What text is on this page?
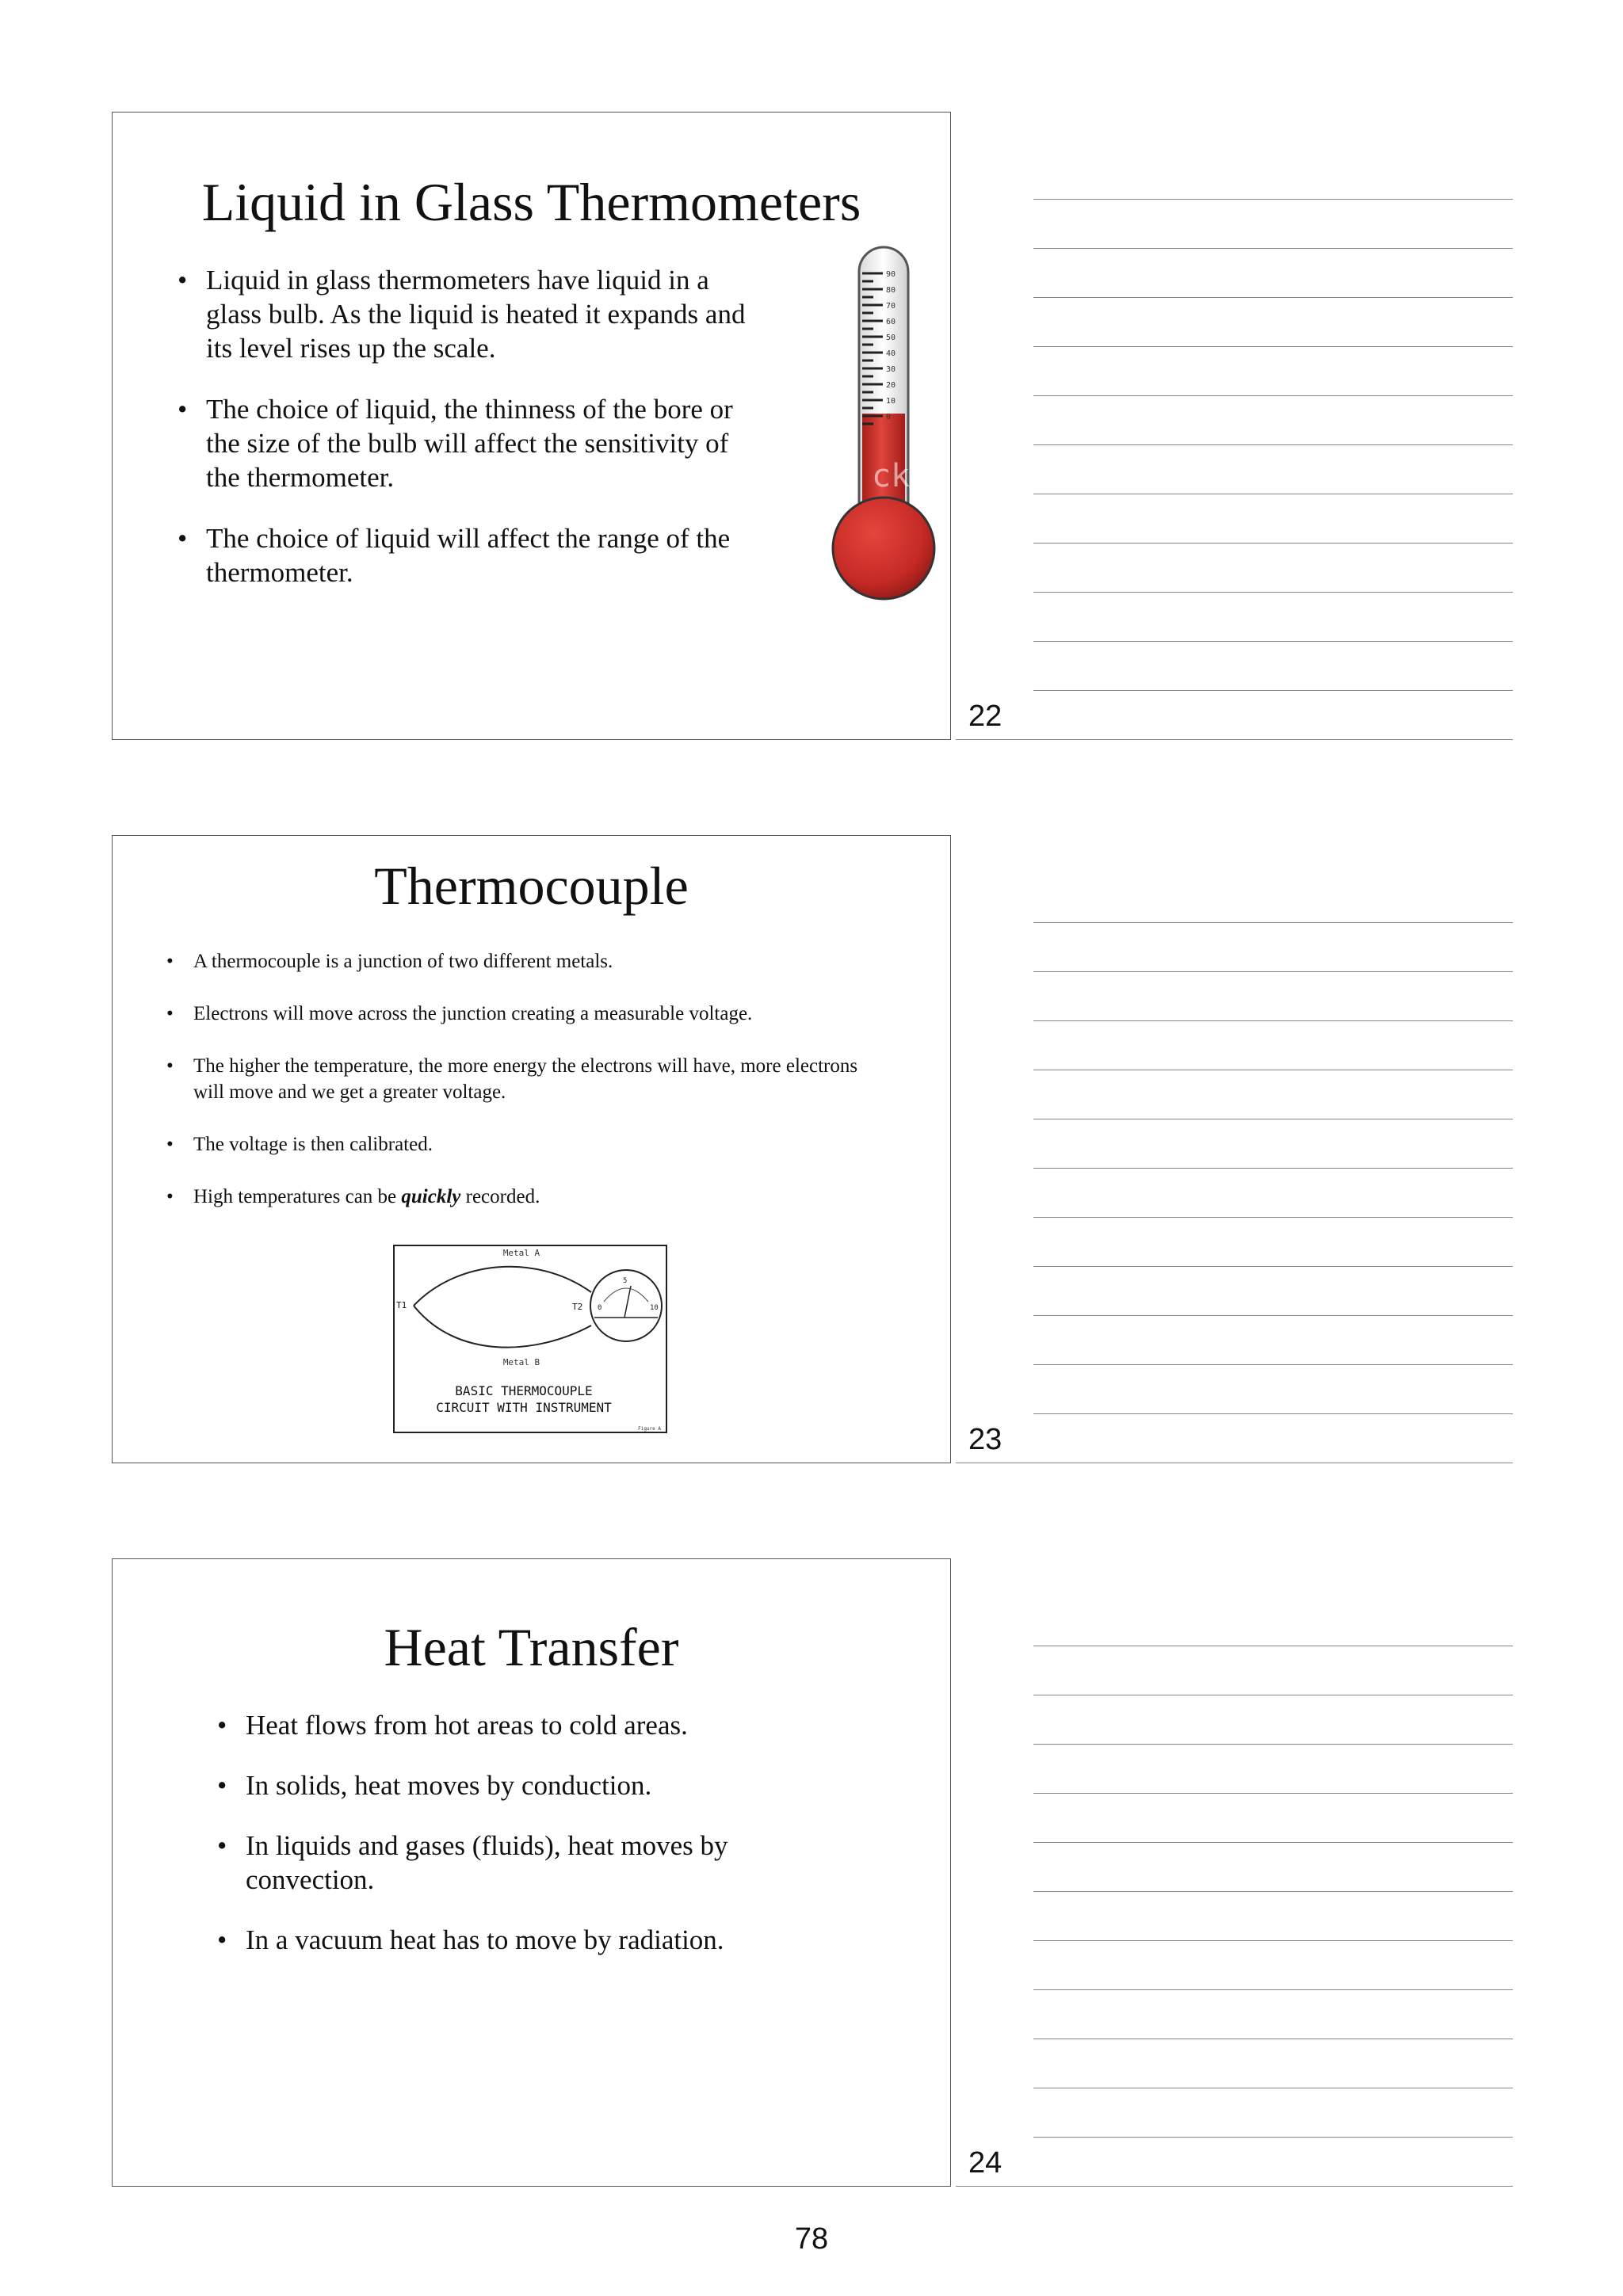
Liquid in Glass Thermometers
• Liquid in glass thermometers have liquid in a glass bulb. As the liquid is heated it expands and its level rises up the scale.
• The choice of liquid, the thinness of the bore or the size of the bulb will affect the sensitivity of the thermometer.
• The choice of liquid will affect the range of the thermometer.
90
80
70
60
50
40
30
20
10
0
ckp
22
Thermocouple
• A thermocouple is a junction of two different metals.
• Electrons will move across the junction creating a measurable voltage.
• The higher the temperature, the more energy the electrons will have, more electrons will move and we get a greater voltage.
• The voltage is then calibrated.
• High temperatures can be quickly recorded.
Metal A
Metal B
T1	T2 0
5
10
BASIC THERMOCOUPLE
CIRCUIT WITH INSTRUMENT
Figure A	23
Heat Transfer
• Heat flows from hot areas to cold areas.
• In solids, heat moves by conduction.
• In liquids and gases (fluids), heat moves by convection.
• In a vacuum heat has to move by radiation.
24
78
